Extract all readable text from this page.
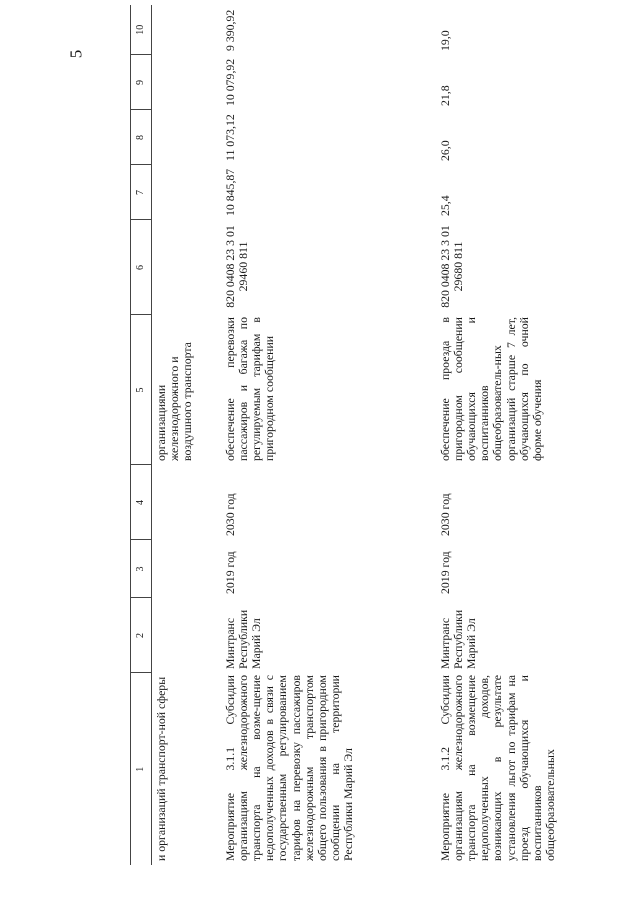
5
1	2	3	4	5	6	7	8	9	10
и организаций транспорт-ной сферы				организациями железнодорожного и воздушного транспорта					
Мероприятие 3.1.1 Субсидии организациям железнодорожного транспорта на возме-щение недополученных доходов в связи с государственным регулированием тарифов на перевозку пассажиров железнодорожным транспортом общего пользования в пригородном сообщении на территории Республики Марий Эл	Минтранс Республики Марий Эл	2019 год	2030 год	обеспечение перевозки пассажиров и багажа по регулируемым тарифам в пригородном сообщении	820 0408 23 3 01 29460 811	10 845,87	11 073,12	10 079,92	9 390,92
Мероприятие 3.1.2 Субсидии организациям железнодорожного транспорта на возмещение недополученных доходов, возникающих в результате установления льгот по тарифам на проезд обучающихся и воспитанников общеобразовательных	Минтранс Республики Марий Эл	2019 год	2030 год	обеспечение проезда в пригородном сообщении обучающихся и воспитанников общеобразователь-ных организаций старше 7 лет, обучающихся по очной форме обучения	820 0408 23 3 01 29680 811	25,4	26,0	21,8	19,0
